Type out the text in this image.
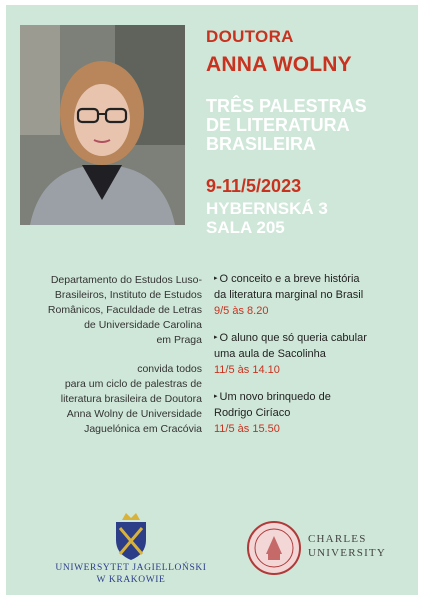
DOUTORA
ANNA WOLNY
TRÊS PALESTRAS
DE LITERATURA
BRASILEIRA
9-11/5/2023
HYBERNSKÁ 3
SALA 205

Departamento do Estudos Luso-

Brasileiros, Instituto de Estudos

Românicos, Faculdade de Letras

de Universidade Carolina

em Praga

convida todos

para um ciclo de palestras de

literatura brasileira de Doutora

Anna Wolny de Universidade

Jaguelónica em Cracóvia

▸ O conceito e a breve história
da literatura marginal no Brasil
9/5 às 8.20
▸ O aluno que só queria cabular
uma aula de Sacolinha
11/5 às 14.10
▸ Um novo brinquedo de
Rodrigo Ciríaco
11/5 às 15.50
UNIWERSYTET JAGIELLOŃSKI
W KRAKOWIE
CHARLES
UNIVERSITY
